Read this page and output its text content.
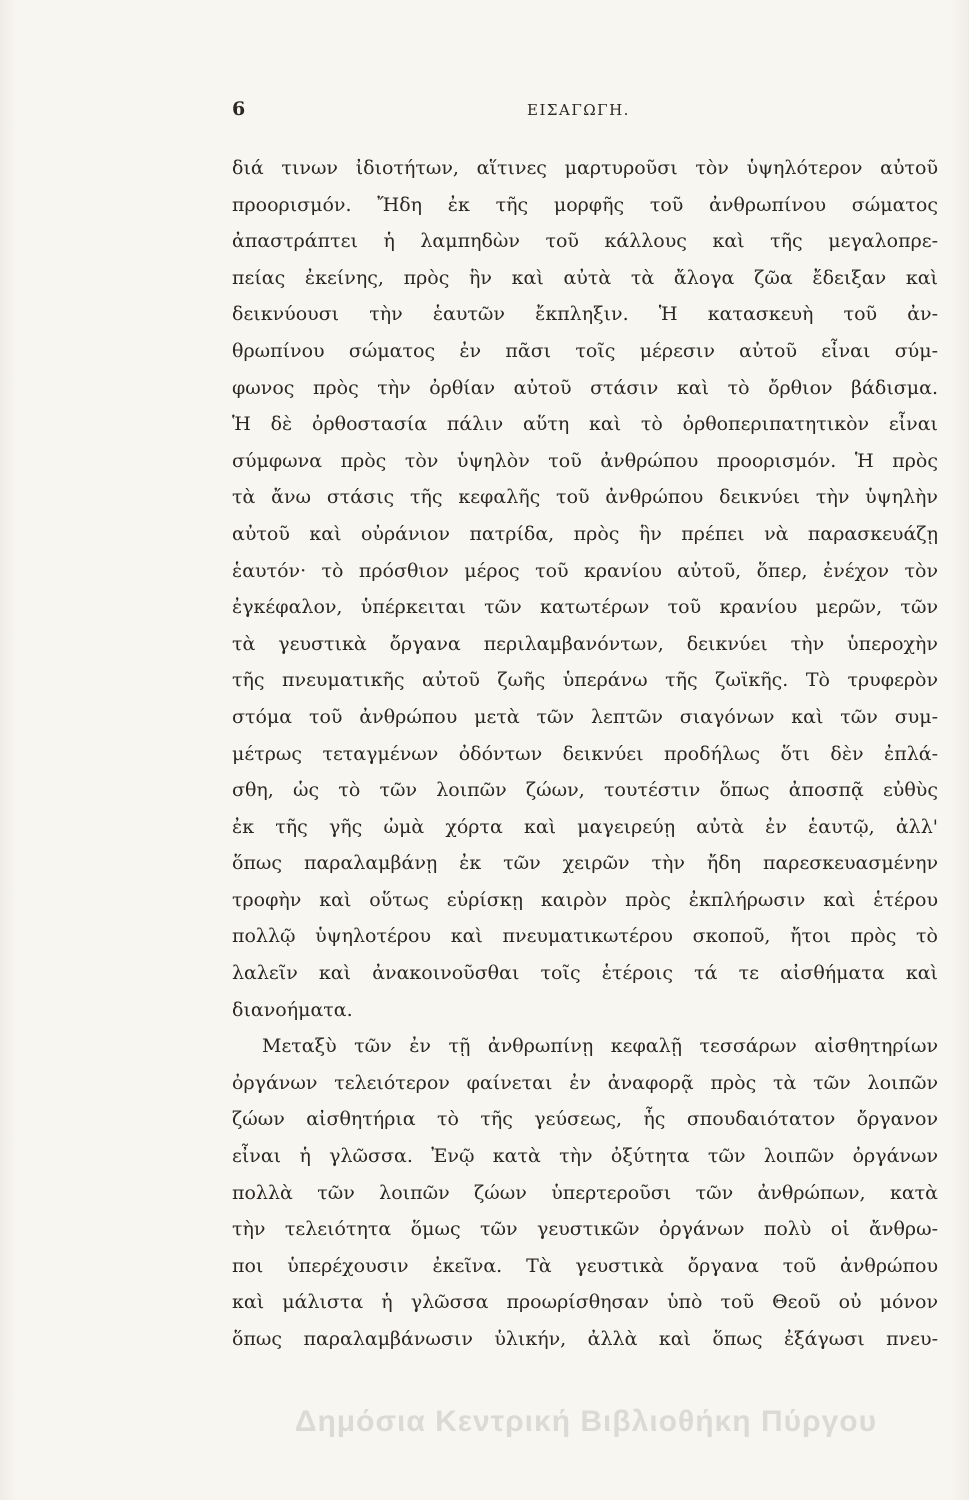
6	ΕΙΣΑΓΩΓΗ.
διά τινων ἰδιοτήτων, αἵτινες μαρτυροῦσι τὸν ὑψηλότερον αὐτοῦ
προορισμόν. Ἤδη ἐκ τῆς μορφῆς τοῦ ἀνθρωπίνου σώματος
ἀπαστράπτει ἡ λαμπηδὼν τοῦ κάλλους καὶ τῆς μεγαλοπρε-
πείας ἐκείνης, πρὸς ἣν καὶ αὐτὰ τὰ ἄλογα ζῶα ἔδειξαν καὶ
δεικνύουσι τὴν ἑαυτῶν ἔκπληξιν. Ἡ κατασκευὴ τοῦ ἀν-
θρωπίνου σώματος ἐν πᾶσι τοῖς μέρεσιν αὐτοῦ εἶναι σύμ-
φωνος πρὸς τὴν ὀρθίαν αὐτοῦ στάσιν καὶ τὸ ὄρθιον βάδισμα.
Ἡ δὲ ὀρθοστασία πάλιν αὕτη καὶ τὸ ὀρθοπεριπατητικὸν εἶναι
σύμφωνα πρὸς τὸν ὑψηλὸν τοῦ ἀνθρώπου προορισμόν. Ἡ πρὸς
τὰ ἄνω στάσις τῆς κεφαλῆς τοῦ ἀνθρώπου δεικνύει τὴν ὑψηλὴν
αὐτοῦ καὶ οὐράνιον πατρίδα, πρὸς ἣν πρέπει νὰ παρασκευάζῃ
ἑαυτόν· τὸ πρόσθιον μέρος τοῦ κρανίου αὐτοῦ, ὅπερ, ἐνέχον τὸν
ἐγκέφαλον, ὑπέρκειται τῶν κατωτέρων τοῦ κρανίου μερῶν, τῶν
τὰ γευστικὰ ὄργανα περιλαμβανόντων, δεικνύει τὴν ὑπεροχὴν
τῆς πνευματικῆς αὐτοῦ ζωῆς ὑπεράνω τῆς ζωϊκῆς. Τὸ τρυφερὸν
στόμα τοῦ ἀνθρώπου μετὰ τῶν λεπτῶν σιαγόνων καὶ τῶν συμ-
μέτρως τεταγμένων ὀδόντων δεικνύει προδήλως ὅτι δὲν ἐπλά-
σθη, ὡς τὸ τῶν λοιπῶν ζώων, τουτέστιν ὅπως ἀποσπᾷ εὐθὺς
ἐκ τῆς γῆς ὠμὰ χόρτα καὶ μαγειρεύῃ αὐτὰ ἐν ἑαυτῷ, ἀλλ'
ὅπως παραλαμβάνῃ ἐκ τῶν χειρῶν τὴν ἤδη παρεσκευασμένην
τροφὴν καὶ οὕτως εὑρίσκῃ καιρὸν πρὸς ἐκπλήρωσιν καὶ ἑτέρου
πολλῷ ὑψηλοτέρου καὶ πνευματικωτέρου σκοποῦ, ἤτοι πρὸς τὸ
λαλεῖν καὶ ἀνακοινοῦσθαι τοῖς ἑτέροις τά τε αἰσθήματα καὶ
διανοήματα.
Μεταξὺ τῶν ἐν τῇ ἀνθρωπίνῃ κεφαλῇ τεσσάρων αἰσθητηρίων
ὀργάνων τελειότερον φαίνεται ἐν ἀναφορᾷ πρὸς τὰ τῶν λοιπῶν
ζώων αἰσθητήρια τὸ τῆς γεύσεως, ἧς σπουδαιότατον ὄργανον
εἶναι ἡ γλῶσσα. Ἐνῷ κατὰ τὴν ὀξύτητα τῶν λοιπῶν ὀργάνων
πολλὰ τῶν λοιπῶν ζώων ὑπερτεροῦσι τῶν ἀνθρώπων, κατὰ
τὴν τελειότητα ὅμως τῶν γευστικῶν ὀργάνων πολὺ οἱ ἄνθρω-
ποι ὑπερέχουσιν ἐκεῖνα. Τὰ γευστικὰ ὄργανα τοῦ ἀνθρώπου
καὶ μάλιστα ἡ γλῶσσα προωρίσθησαν ὑπὸ τοῦ Θεοῦ οὐ μόνον
ὅπως παραλαμβάνωσιν ὑλικήν, ἀλλὰ καὶ ὅπως ἐξάγωσι πνευ-
Δημόσια Κεντρική Βιβλιοθήκη Πύργου
